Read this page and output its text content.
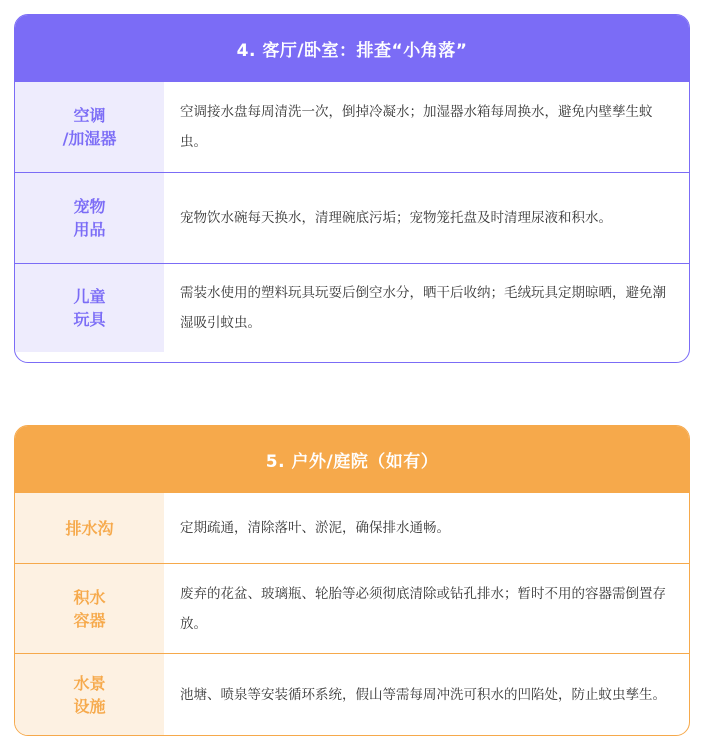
4. 客厅/卧室：排查“小角落”
空调
/加湿器
空调接水盘每周清洗一次，倒掉冷凝水；加湿器水箱每周换水，避免内壁孳生蚊虫。
宠物
用品
宠物饮水碗每天换水，清理碗底污垢；宠物笼托盘及时清理尿液和积水。
儿童
玩具
需装水使用的塑料玩具玩耍后倒空水分，晒干后收纳；毛绒玩具定期晾晒，避免潮湿吸引蚊虫。
5. 户外/庭院（如有）
排水沟	定期疏通，清除落叶、淤泥，确保排水通畅。
积水
容器
废弃的花盆、玻璃瓶、轮胎等必须彻底清除或钻孔排水；暂时不用的容器需倒置存放。
水景
设施
池塘、喷泉等安装循环系统，假山等需每周冲洗可积水的凹陷处，防止蚊虫孳生。
